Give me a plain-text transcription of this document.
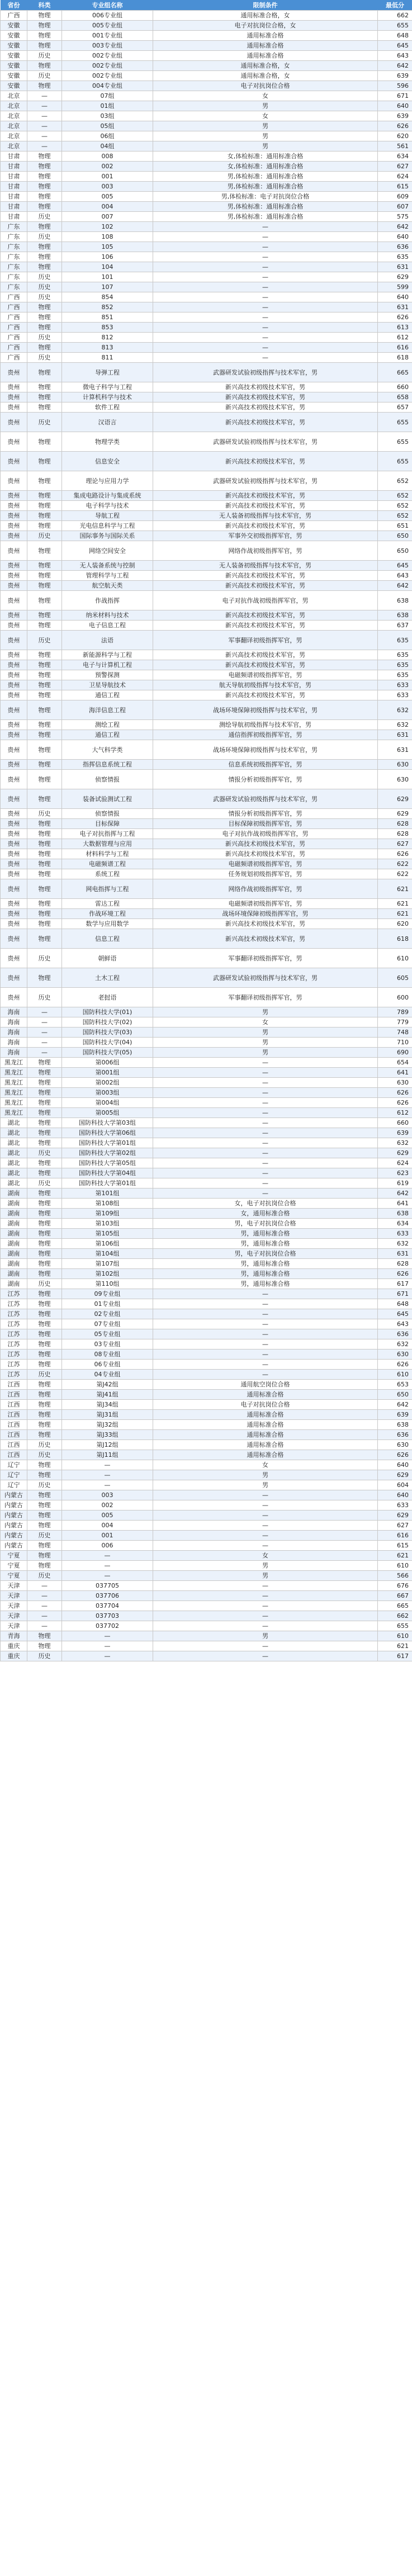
省份	科类	专业组名称	限制条件	最低分
广西	物理	006专业组	通用标准合格，女	662
安徽	物理	005专业组	电子对抗岗位合格，女	655
安徽	物理	001专业组	通用标准合格	648
安徽	物理	003专业组	通用标准合格	645
安徽	历史	002专业组	通用标准合格	643
安徽	物理	002专业组	通用标准合格，女	642
安徽	历史	002专业组	通用标准合格，女	639
安徽	物理	004专业组	电子对抗岗位合格	596
北京	—	07组	女	671
北京	—	01组	男	640
北京	—	03组	女	639
北京	—	05组	男	626
北京	—	06组	男	620
北京	—	04组	男	561
甘肃	物理	008	女,体检标准：通用标准合格	634
甘肃	物理	002	女,体检标准：通用标准合格	627
甘肃	物理	001	男,体检标准：通用标准合格	624
甘肃	物理	003	男,体检标准：通用标准合格	615
甘肃	物理	005	男,体检标准：电子对抗岗位合格	609
甘肃	物理	004	男,体检标准：通用标准合格	607
甘肃	历史	007	男,体检标准：通用标准合格	575
广东	物理	102	—	642
广东	历史	108	—	640
广东	物理	105	—	636
广东	物理	106	—	635
广东	物理	104	—	631
广东	历史	101	—	629
广东	历史	107	—	599
广西	历史	854	—	640
广西	物理	852	—	631
广西	物理	851	—	626
广西	物理	853	—	613
广西	历史	812	—	612
广西	物理	813	—	616
广西	历史	811	—	618
贵州	物理	导弹工程	武器研发试验初级指挥与技术军官，男	665
贵州	物理	微电子科学与工程	新兴高技术初级技术军官，男	660
贵州	物理	计算机科学与技术	新兴高技术初级技术军官，男	658
贵州	物理	软件工程	新兴高技术初级技术军官，男	657
贵州	历史	汉语言	新兴高技术初级技术军官，男	655
贵州	物理	物理学类	武器研发试验初级指挥与技术军官，男	655
贵州	物理	信息安全	新兴高技术初级技术军官，男	655
贵州	物理	理论与应用力学	武器研发试验初级指挥与技术军官，男	652
贵州	物理	集成电路设计与集成系统	新兴高技术初级技术军官，男	652
贵州	物理	电子科学与技术	新兴高技术初级技术军官，男	652
贵州	物理	导航工程	无人装备初级指挥与技术军官，男	652
贵州	物理	光电信息科学与工程	新兴高技术初级技术军官，男	651
贵州	历史	国际事务与国际关系	军事外交初级指挥军官，男	650
贵州	物理	网络空间安全	网络作战初级指挥军官，男	650
贵州	物理	无人装备系统与控制	无人装备初级指挥与技术军官，男	645
贵州	物理	管理科学与工程	新兴高技术初级技术军官，男	643
贵州	物理	航空航天类	新兴高技术初级技术军官，男	642
贵州	物理	作战指挥	电子对抗作战初级指挥军官，男	638
贵州	物理	纳米材料与技术	新兴高技术初级技术军官，男	638
贵州	物理	电子信息工程	新兴高技术初级技术军官，男	637
贵州	历史	法语	军事翻译初级指挥军官，男	635
贵州	物理	新能源科学与工程	新兴高技术初级技术军官，男	635
贵州	物理	电子与计算机工程	新兴高技术初级技术军官，男	635
贵州	物理	预警探测	电磁频谱初级指挥军官，男	635
贵州	物理	卫星导航技术	航天导航初级指挥与技术军官，男	633
贵州	物理	通信工程	新兴高技术初级技术军官，男	633
贵州	物理	海洋信息工程	战场环境保障初级指挥与技术军官，男	632
贵州	物理	测绘工程	测绘导航初级指挥与技术军官，男	632
贵州	物理	通信工程	通信指挥初级指挥军官，男	631
贵州	物理	大气科学类	战场环境保障初级指挥与技术军官，男	631
贵州	物理	指挥信息系统工程	信息系统初级指挥军官，男	630
贵州	物理	侦察情报	情报分析初级指挥军官，男	630
贵州	物理	装备试验测试工程	武器研发试验初级指挥与技术军官，男	629
贵州	历史	侦察情报	情报分析初级指挥军官，男	629
贵州	物理	目标保障	目标保障初级指挥军官，男	628
贵州	物理	电子对抗指挥与工程	电子对抗作战初级指挥军官，男	628
贵州	物理	大数据管理与应用	新兴高技术初级技术军官，男	627
贵州	物理	材料科学与工程	新兴高技术初级技术军官，男	626
贵州	物理	电磁频谱工程	电磁频谱初级指挥军官，男	622
贵州	物理	系统工程	任务规划初级指挥军官，男	622
贵州	物理	网电指挥与工程	网络作战初级指挥军官，男	621
贵州	物理	雷达工程	电磁频谱初级指挥军官，男	621
贵州	物理	作战环境工程	战场环境保障初级指挥军官，男	621
贵州	物理	数学与应用数学	新兴高技术初级技术军官，男	620
贵州	物理	信息工程	新兴高技术初级技术军官，男	618
贵州	历史	朝鲜语	军事翻译初级指挥军官，男	610
贵州	物理	土木工程	武器研发试验初级指挥与技术军官，男	605
贵州	历史	老挝语	军事翻译初级指挥军官，男	600
海南	—	国防科技大学(01)	男	789
海南	—	国防科技大学(02)	女	779
海南	—	国防科技大学(03)	男	748
海南	—	国防科技大学(04)	男	710
海南	—	国防科技大学(05)	男	690
黑龙江	物理	第006组	—	654
黑龙江	物理	第001组	—	641
黑龙江	物理	第002组	—	630
黑龙江	物理	第003组	—	626
黑龙江	物理	第004组	—	626
黑龙江	物理	第005组	—	612
湖北	物理	国防科技大学第03组	—	660
湖北	物理	国防科技大学第06组	—	639
湖北	物理	国防科技大学第01组	—	632
湖北	历史	国防科技大学第02组	—	629
湖北	物理	国防科技大学第05组	—	624
湖北	物理	国防科技大学第04组	—	623
湖北	历史	国防科技大学第01组	—	619
湖南	物理	第101组	—	642
湖南	物理	第108组	女，电子对抗岗位合格	641
湖南	物理	第109组	女，通用标准合格	638
湖南	物理	第103组	男，电子对抗岗位合格	634
湖南	物理	第105组	男，通用标准合格	633
湖南	物理	第106组	男，通用标准合格	632
湖南	物理	第104组	男，电子对抗岗位合格	631
湖南	物理	第107组	男，通用标准合格	628
湖南	物理	第102组	男，通用标准合格	626
湖南	历史	第110组	男，通用标准合格	617
江苏	物理	09专业组	—	671
江苏	物理	01专业组	—	648
江苏	物理	02专业组	—	645
江苏	物理	07专业组	—	643
江苏	物理	05专业组	—	636
江苏	物理	03专业组	—	632
江苏	物理	08专业组	—	630
江苏	物理	06专业组	—	626
江苏	历史	04专业组	—	610
江西	物理	第J42组	通用航空岗位合格	653
江西	物理	第J41组	通用标准合格	650
江西	物理	第J34组	电子对抗岗位合格	642
江西	物理	第J31组	通用标准合格	639
江西	物理	第J32组	通用标准合格	638
江西	物理	第J33组	通用标准合格	636
江西	历史	第J12组	通用标准合格	630
江西	历史	第J11组	通用标准合格	626
辽宁	物理	—	女	640
辽宁	物理	—	男	629
辽宁	历史	—	男	604
内蒙古	物理	003	—	640
内蒙古	物理	002	—	633
内蒙古	物理	005	—	629
内蒙古	物理	004	—	627
内蒙古	历史	001	—	616
内蒙古	物理	006	—	615
宁夏	物理	—	女	621
宁夏	物理	—	男	610
宁夏	历史	—	男	566
天津	—	037705	—	676
天津	—	037706	—	667
天津	—	037704	—	665
天津	—	037703	—	662
天津	—	037702	—	655
青海	物理	—	男	610
重庆	物理	—	—	621
重庆	历史	—	—	617
